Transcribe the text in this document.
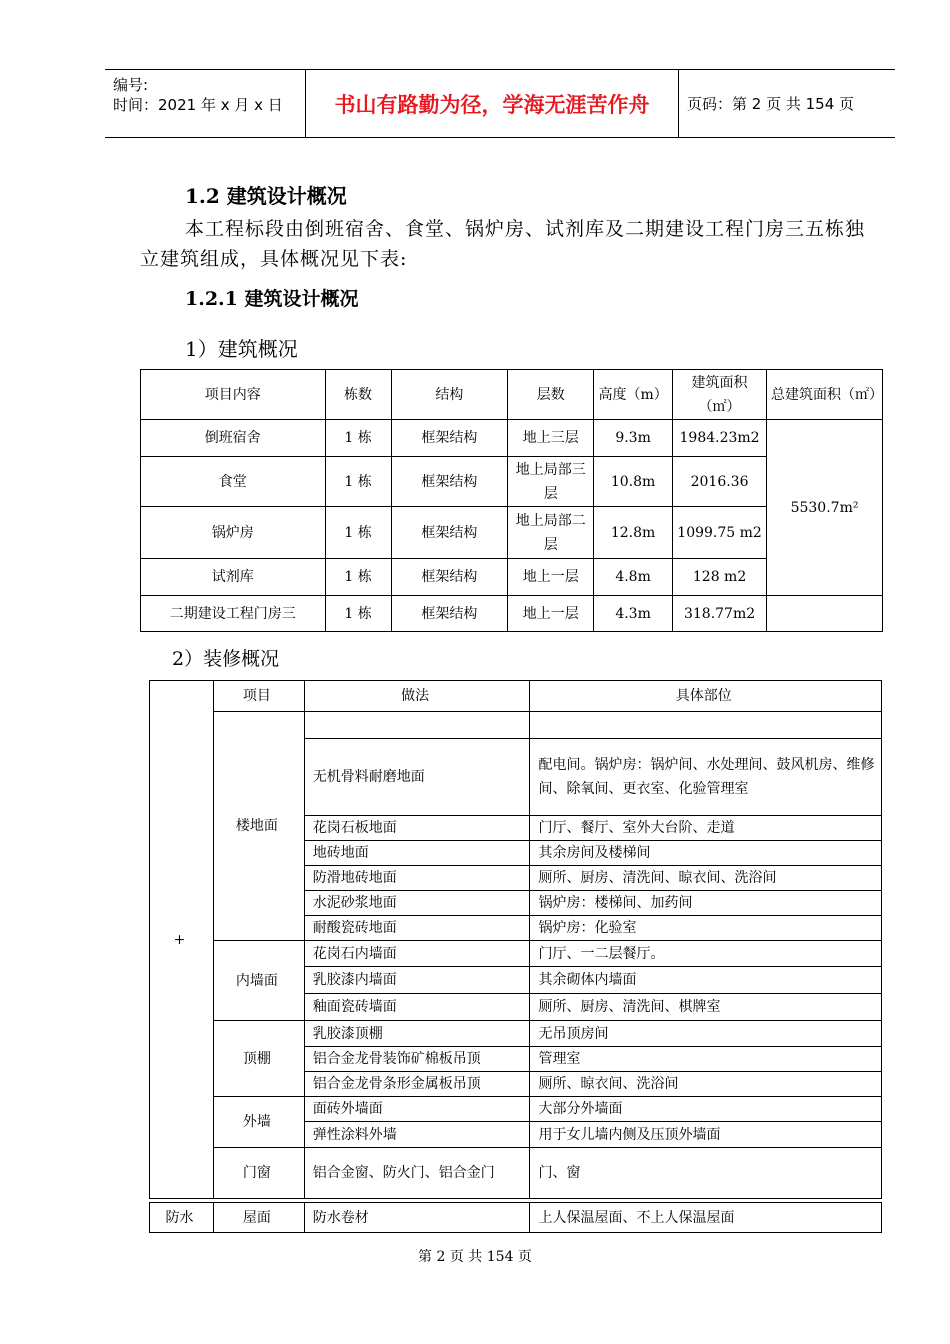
编号:
时间：2021 年 x 月 x 日	书山有路勤为径，学海无涯苦作舟	页码：第 2 页 共 154 页
1.2 建筑设计概况
本工程标段由倒班宿舍、食堂、锅炉房、试剂库及二期建设工程门房三五栋独立建筑组成，具体概况见下表:
1.2.1 建筑设计概况
1）建筑概况
项目内容	栋数	结构	层数	高度（m）	建筑面积（㎡）	总建筑面积（㎡）
倒班宿舍	1 栋	框架结构	地上三层	9.3m	1984.23m2	5530.7m²
食堂	1 栋	框架结构	地上局部三层	10.8m	2016.36	
锅炉房	1 栋	框架结构	地上局部二层	12.8m	1099.75 m2	
试剂库	1 栋	框架结构	地上一层	4.8m	128 m2	
二期建设工程门房三	1 栋	框架结构	地上一层	4.3m	318.77m2	
2）装修概况
+	项目	做法	具体部位
	楼地面		
		无机骨料耐磨地面	配电间。锅炉房：锅炉间、水处理间、鼓风机房、维修间、除氧间、更衣室、化验管理室
		花岗石板地面	门厅、餐厅、室外大台阶、走道
		地砖地面	其余房间及楼梯间
		防滑地砖地面	厕所、厨房、清洗间、晾衣间、洗浴间
		水泥砂浆地面	锅炉房：楼梯间、加药间
		耐酸瓷砖地面	锅炉房：化验室
	内墙面	花岗石内墙面	门厅、一二层餐厅。
		乳胶漆内墙面	其余砌体内墙面
		釉面瓷砖墙面	厕所、厨房、清洗间、棋牌室
	顶棚	乳胶漆顶棚	无吊顶房间
		铝合金龙骨装饰矿棉板吊顶	管理室
		铝合金龙骨条形金属板吊顶	厕所、晾衣间、洗浴间
	外墙	面砖外墙面	大部分外墙面
		弹性涂料外墙	用于女儿墙内侧及压顶外墙面
	门窗	铝合金窗、防火门、铝合金门	门、窗
防水	屋面	防水卷材	上人保温屋面、不上人保温屋面
第 2 页 共 154 页
